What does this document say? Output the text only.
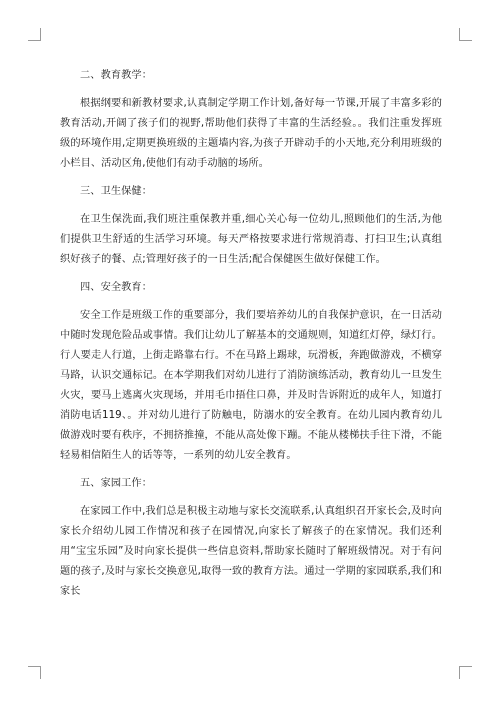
二、教育教学：

根据纲要和新教材要求,认真制定学期工作计划,备好每一节课,开展了丰富多彩的教育活动,开阔了孩子们的视野,帮助他们获得了丰富的生活经验。。我们注重发挥班级的环境作用,定期更换班级的主题墙内容,为孩子开辟动手的小天地,充分利用班级的小栏目、活动区角,使他们有动手动脑的场所。

三、卫生保健：

在卫生保洗面,我们班注重保教并重,细心关心每一位幼儿,照顾他们的生活,为他们提供卫生舒适的生活学习环境。每天严格按要求进行常规消毒、打扫卫生;认真组织好孩子的餐、点;管理好孩子的一日生活;配合保健医生做好保健工作。

四、安全教育：

安全工作是班级工作的重要部分，我们要培养幼儿的自我保护意识，在一日活动中随时发现危险品或事情。我们让幼儿了解基本的交通规则，知道红灯停，绿灯行。行人要走人行道，上街走路靠右行。不在马路上踢球，玩滑板，奔跑做游戏，不横穿马路，认识交通标记。在本学期我们对幼儿进行了消防演练活动，教育幼儿一旦发生火灾，要马上逃离火灾现场，并用毛巾捂住口鼻，并及时告诉附近的成年人，知道打消防电话119、。并对幼儿进行了防触电，防溺水的安全教育。在幼儿园内教育幼儿做游戏时要有秩序，不拥挤推撞，不能从高处像下蹦。不能从楼梯扶手往下滑，不能轻易相信陌生人的话等等，一系列的幼儿安全教育。

五、家园工作：

在家园工作中,我们总是积极主动地与家长交流联系,认真组织召开家长会,及时向家长介绍幼儿园工作情况和孩子在园情况,向家长了解孩子的在家情况。我们还利用“宝宝乐园”及时向家长提供一些信息资料,帮助家长随时了解班级情况。对于有问题的孩子,及时与家长交换意见,取得一致的教育方法。通过一学期的家园联系,我们和家长
